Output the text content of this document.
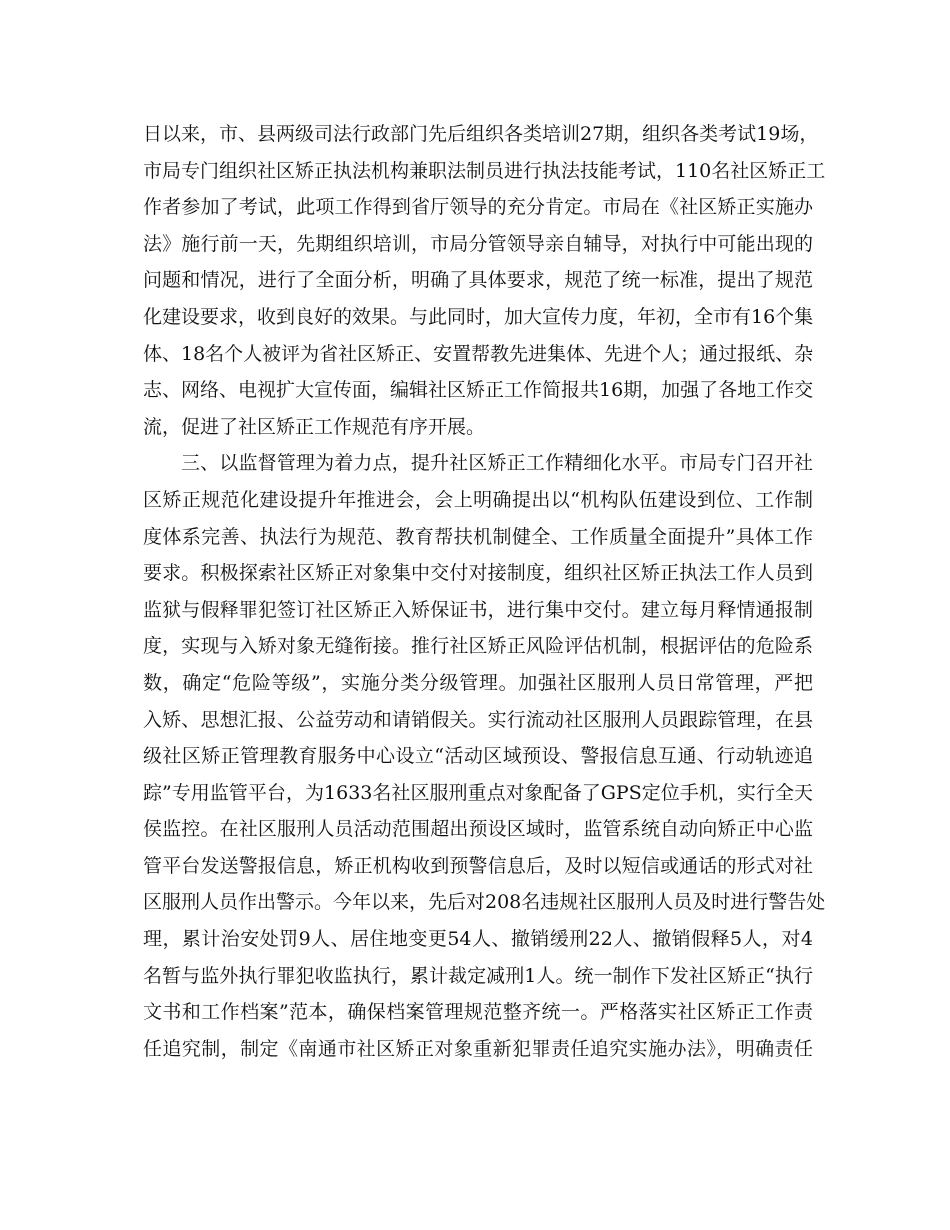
日以来，市、县两级司法行政部门先后组织各类培训27期，组织各类考试19场，
市局专门组织社区矫正执法机构兼职法制员进行执法技能考试，110名社区矫正工
作者参加了考试，此项工作得到省厅领导的充分肯定。市局在《社区矫正实施办
法》施行前一天，先期组织培训，市局分管领导亲自辅导，对执行中可能出现的
问题和情况，进行了全面分析，明确了具体要求，规范了统一标准，提出了规范
化建设要求，收到良好的效果。与此同时，加大宣传力度，年初，全市有16个集
体、18名个人被评为省社区矫正、安置帮教先进集体、先进个人；通过报纸、杂
志、网络、电视扩大宣传面，编辑社区矫正工作简报共16期，加强了各地工作交
流，促进了社区矫正工作规范有序开展。
三、以监督管理为着力点，提升社区矫正工作精细化水平。市局专门召开社
区矫正规范化建设提升年推进会，会上明确提出以“机构队伍建设到位、工作制
度体系完善、执法行为规范、教育帮扶机制健全、工作质量全面提升”具体工作
要求。积极探索社区矫正对象集中交付对接制度，组织社区矫正执法工作人员到
监狱与假释罪犯签订社区矫正入矫保证书，进行集中交付。建立每月释情通报制
度，实现与入矫对象无缝衔接。推行社区矫正风险评估机制，根据评估的危险系
数，确定“危险等级”，实施分类分级管理。加强社区服刑人员日常管理，严把
入矫、思想汇报、公益劳动和请销假关。实行流动社区服刑人员跟踪管理，在县
级社区矫正管理教育服务中心设立“活动区域预设、警报信息互通、行动轨迹追
踪”专用监管平台，为1633名社区服刑重点对象配备了GPS定位手机，实行全天
侯监控。在社区服刑人员活动范围超出预设区域时，监管系统自动向矫正中心监
管平台发送警报信息，矫正机构收到预警信息后，及时以短信或通话的形式对社
区服刑人员作出警示。今年以来，先后对208名违规社区服刑人员及时进行警告处
理，累计治安处罚9人、居住地变更54人、撤销缓刑22人、撤销假释5人，对4
名暂与监外执行罪犯收监执行，累计裁定减刑1人。统一制作下发社区矫正“执行
文书和工作档案”范本，确保档案管理规范整齐统一。严格落实社区矫正工作责
任追究制，制定《南通市社区矫正对象重新犯罪责任追究实施办法》，明确责任
